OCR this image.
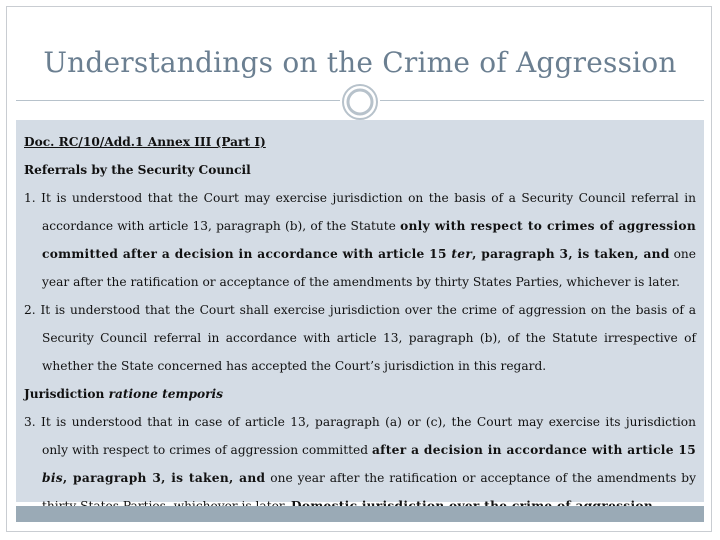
Understandings on the Crime of Aggression

Doc. RC/10/Add.1 Annex III (Part I)

Referrals by the Security Council

1. It is understood that the Court may exercise jurisdiction on the basis of a Security Council referral in accordance with article 13, paragraph (b), of the Statute only with respect to crimes of aggression committed after a decision in accordance with article 15 ter, paragraph 3, is taken, and one year after the ratification or acceptance of the amendments by thirty States Parties, whichever is later.

2. It is understood that the Court shall exercise jurisdiction over the crime of aggression on the basis of a Security Council referral in accordance with article 13, paragraph (b), of the Statute irrespective of whether the State concerned has accepted the Court’s jurisdiction in this regard.

Jurisdiction ratione temporis

3. It is understood that in case of article 13, paragraph (a) or (c), the Court may exercise its jurisdiction only with respect to crimes of aggression committed after a decision in accordance with article 15 bis, paragraph 3, is taken, and one year after the ratification or acceptance of the amendments by
